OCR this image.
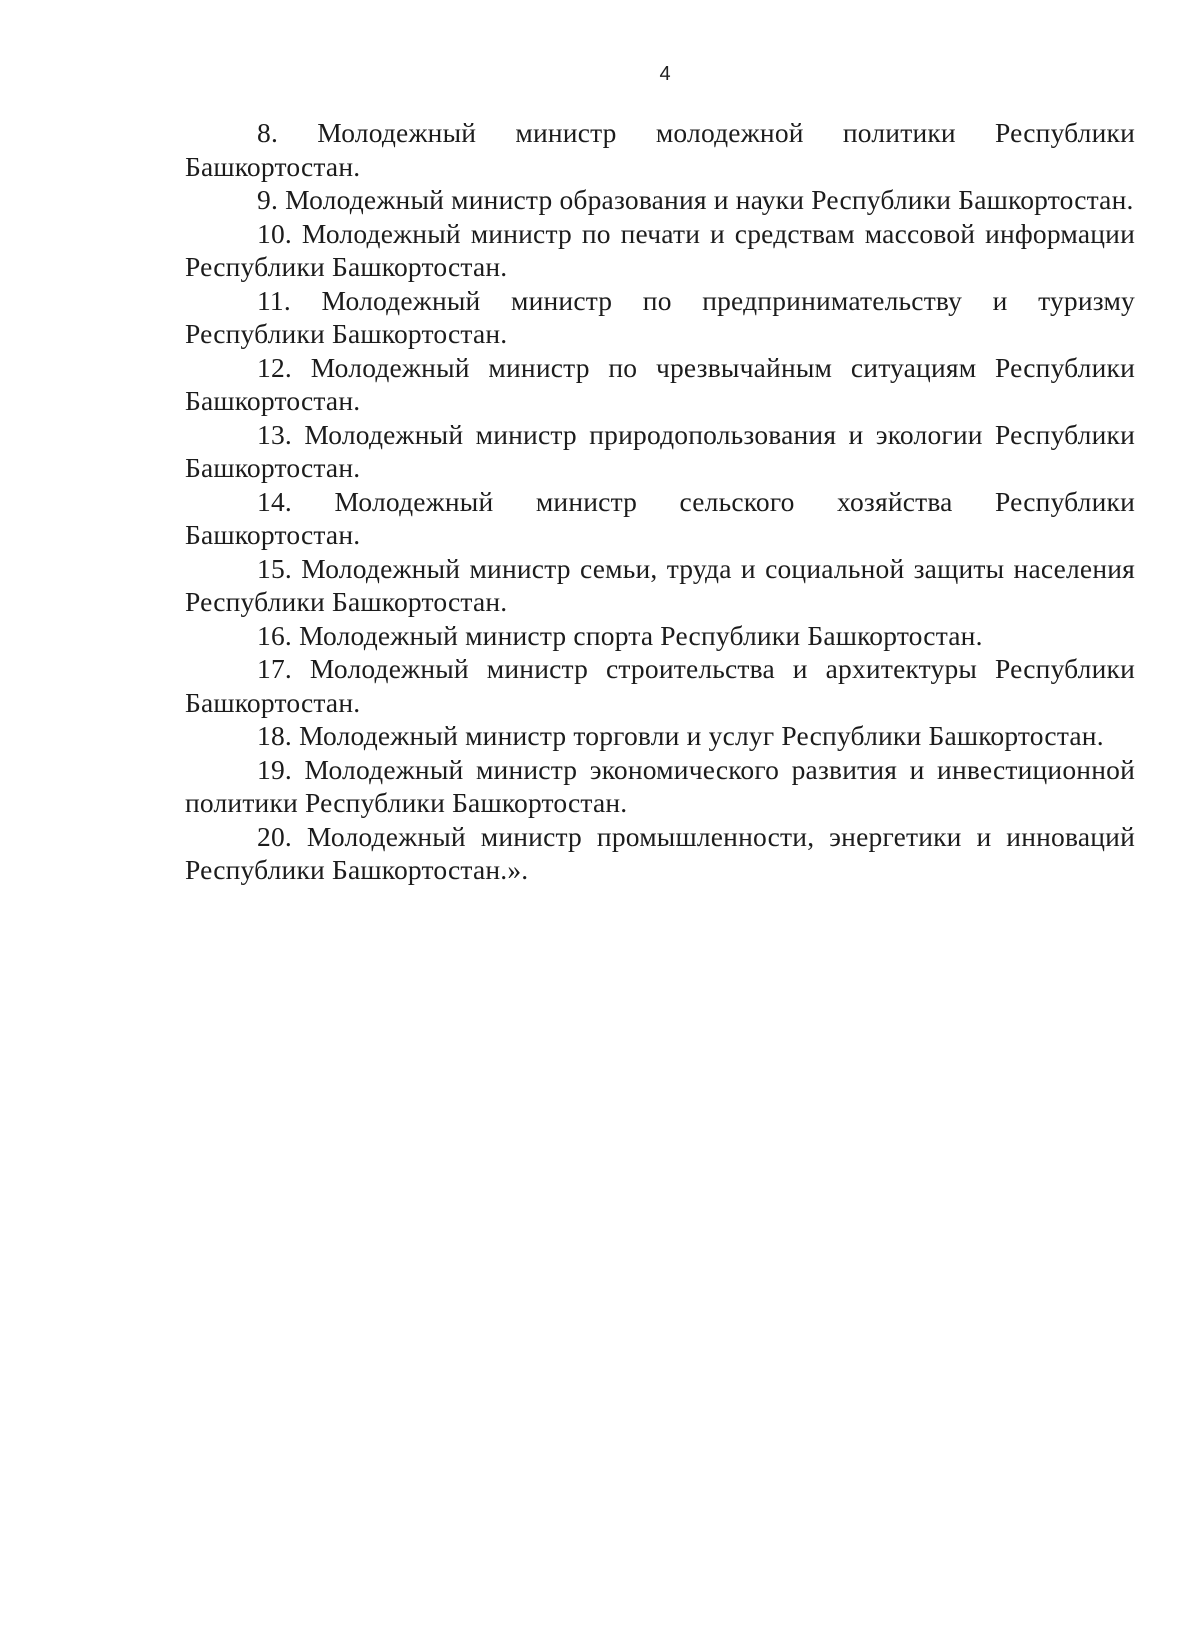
4
8. Молодежный министр молодежной политики Республики Башкортостан.
9. Молодежный министр образования и науки Республики Башкортостан.
10. Молодежный министр по печати и средствам массовой информации Республики Башкортостан.
11. Молодежный министр по предпринимательству и туризму Республики Башкортостан.
12. Молодежный министр по чрезвычайным ситуациям Республики Башкортостан.
13. Молодежный министр природопользования и экологии Республики Башкортостан.
14. Молодежный министр сельского хозяйства Республики Башкортостан.
15. Молодежный министр семьи, труда и социальной защиты населения Республики Башкортостан.
16. Молодежный министр спорта Республики Башкортостан.
17. Молодежный министр строительства и архитектуры Республики Башкортостан.
18. Молодежный министр торговли и услуг Республики Башкортостан.
19. Молодежный министр экономического развития и инвестиционной политики Республики Башкортостан.
20. Молодежный министр промышленности, энергетики и инноваций Республики Башкортостан.».
